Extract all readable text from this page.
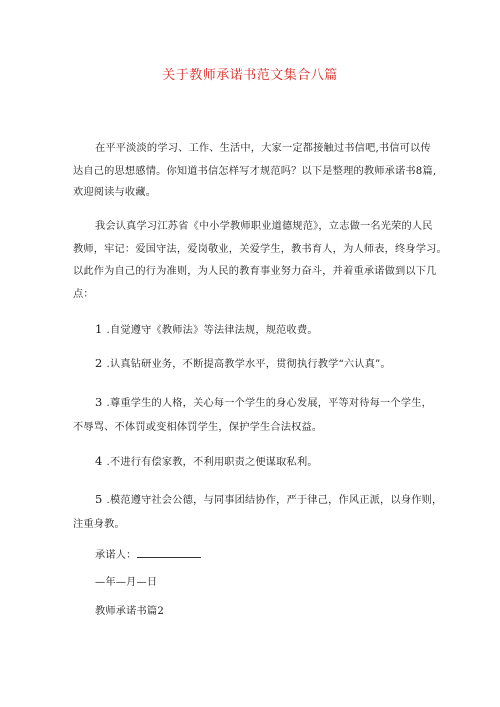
关于教师承诺书范文集合八篇
在平平淡淡的学习、工作、生活中，大家一定都接触过书信吧,书信可以传
达自己的思想感情。你知道书信怎样写才规范吗？以下是整理的教师承诺书8篇,
欢迎阅读与收藏。
我会认真学习江苏省《中小学教师职业道德规范》，立志做一名光荣的人民
教师，牢记：爱国守法，爱岗敬业，关爱学生，教书育人，为人师表，终身学习。
以此作为自己的行为准则，为人民的教育事业努力奋斗，并着重承诺做到以下几
点：
1 .自觉遵守《教师法》等法律法规，规范收费。
2 .认真钻研业务，不断提高教学水平，贯彻执行教学“六认真”。
3 .尊重学生的人格，关心每一个学生的身心发展，平等对待每一个学生，
不辱骂、不体罚或变相体罚学生，保护学生合法权益。
4 .不进行有偿家教，不利用职责之便谋取私利。
5 .模范遵守社会公德，与同事团结协作，严于律己，作风正派，以身作则，
注重身教。
承诺人：
—年—月—日
教师承诺书篇2
